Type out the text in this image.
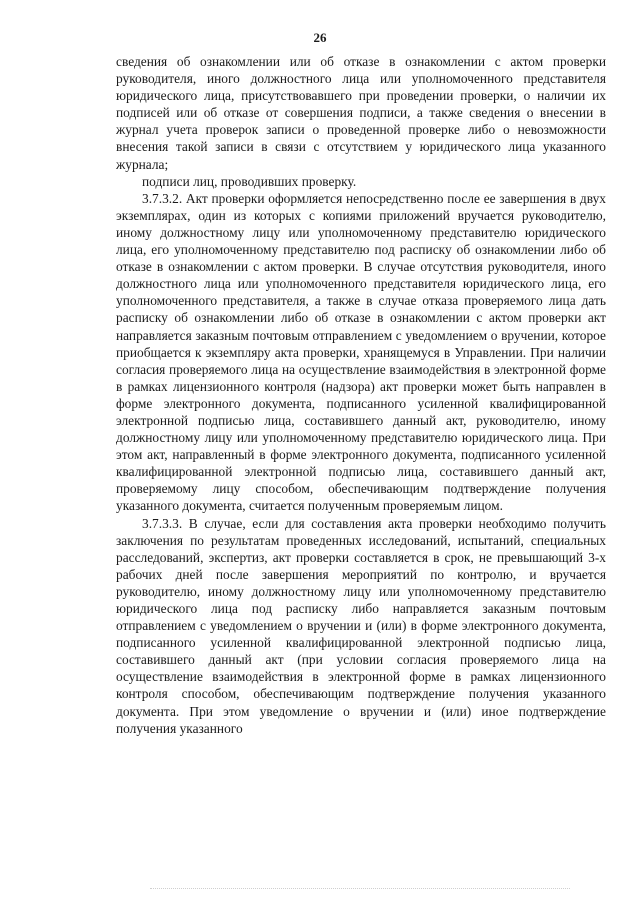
26

сведения об ознакомлении или об отказе в ознакомлении с актом проверки руководителя, иного должностного лица или уполномоченного представителя юридического лица, присутствовавшего при проведении проверки, о наличии их подписей или об отказе от совершения подписи, а также сведения о внесении в журнал учета проверок записи о проведенной проверке либо о невозможности внесения такой записи в связи с отсутствием у юридического лица указанного журнала;

подписи лиц, проводивших проверку.

3.7.3.2. Акт проверки оформляется непосредственно после ее завершения в двух экземплярах, один из которых с копиями приложений вручается руководителю, иному должностному лицу или уполномоченному представителю юридического лица, его уполномоченному представителю под расписку об ознакомлении либо об отказе в ознакомлении с актом проверки. В случае отсутствия руководителя, иного должностного лица или уполномоченного представителя юридического лица, его уполномоченного представителя, а также в случае отказа проверяемого лица дать расписку об ознакомлении либо об отказе в ознакомлении с актом проверки акт направляется заказным почтовым отправлением с уведомлением о вручении, которое приобщается к экземпляру акта проверки, хранящемуся в Управлении. При наличии согласия проверяемого лица на осуществление взаимодействия в электронной форме в рамках лицензионного контроля (надзора) акт проверки может быть направлен в форме электронного документа, подписанного усиленной квалифицированной электронной подписью лица, составившего данный акт, руководителю, иному должностному лицу или уполномоченному представителю юридического лица. При этом акт, направленный в форме электронного документа, подписанного усиленной квалифицированной электронной подписью лица, составившего данный акт, проверяемому лицу способом, обеспечивающим подтверждение получения указанного документа, считается полученным проверяемым лицом.

3.7.3.3. В случае, если для составления акта проверки необходимо получить заключения по результатам проведенных исследований, испытаний, специальных расследований, экспертиз, акт проверки составляется в срок, не превышающий 3-х рабочих дней после завершения мероприятий по контролю, и вручается руководителю, иному должностному лицу или уполномоченному представителю юридического лица под расписку либо направляется заказным почтовым отправлением с уведомлением о вручении и (или) в форме электронного документа, подписанного усиленной квалифицированной электронной подписью лица, составившего данный акт (при условии согласия проверяемого лица на осуществление взаимодействия в электронной форме в рамках лицензионного контроля способом, обеспечивающим подтверждение получения указанного документа. При этом уведомление о вручении и (или) иное подтверждение получения указанного
